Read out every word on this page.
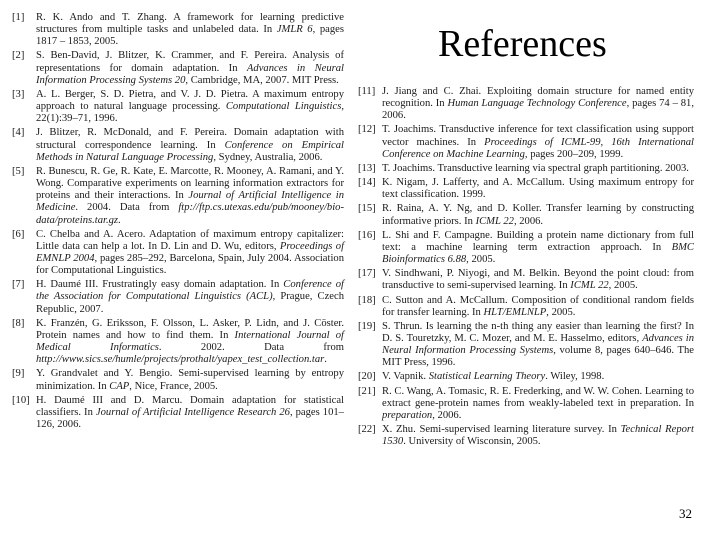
References
[1]	R. K. Ando and T. Zhang. A framework for learning predictive structures from multiple tasks and unlabeled data. In JMLR 6, pages 1817 – 1853, 2005.
[2]	S. Ben-David, J. Blitzer, K. Crammer, and F. Pereira. Analysis of representations for domain adaptation. In Advances in Neural Information Processing Systems 20, Cambridge, MA, 2007. MIT Press.
[3]	A. L. Berger, S. D. Pietra, and V. J. D. Pietra. A maximum entropy approach to natural language processing. Computational Linguistics, 22(1):39–71, 1996.
[4]	J. Blitzer, R. McDonald, and F. Pereira. Domain adaptation with structural correspondence learning. In Conference on Empirical Methods in Natural Language Processing, Sydney, Australia, 2006.
[5]	R. Bunescu, R. Ge, R. Kate, E. Marcotte, R. Mooney, A. Ramani, and Y. Wong. Comparative experiments on learning information extractors for proteins and their interactions. In Journal of Artificial Intelligence in Medicine. 2004. Data from ftp://ftp.cs.utexas.edu/pub/mooney/bio-data/proteins.tar.gz.
[6]	C. Chelba and A. Acero. Adaptation of maximum entropy capitalizer: Little data can help a lot. In D. Lin and D. Wu, editors, Proceedings of EMNLP 2004, pages 285–292, Barcelona, Spain, July 2004. Association for Computational Linguistics.
[7]	H. Daumé III. Frustratingly easy domain adaptation. In Conference of the Association for Computational Linguistics (ACL), Prague, Czech Republic, 2007.
[8]	K. Franzén, G. Eriksson, F. Olsson, L. Asker, P. Lidn, and J. Cöster. Protein names and how to find them. In International Journal of Medical Informatics. 2002. Data from http://www.sics.se/humle/projects/prothalt/yapex_test_collection.tar.
[9]	Y. Grandvalet and Y. Bengio. Semi-supervised learning by entropy minimization. In CAP, Nice, France, 2005.
[10] H. Daumé III and D. Marcu. Domain adaptation for statistical classifiers. In Journal of Artificial Intelligence Research 26, pages 101–126, 2006.
[11] J. Jiang and C. Zhai. Exploiting domain structure for named entity recognition. In Human Language Technology Conference, pages 74 – 81, 2006.
[12] T. Joachims. Transductive inference for text classification using support vector machines. In Proceedings of ICML-99, 16th International Conference on Machine Learning, pages 200–209, 1999.
[13] T. Joachims. Transductive learning via spectral graph partitioning. 2003.
[14] K. Nigam, J. Lafferty, and A. McCallum. Using maximum entropy for text classification. 1999.
[15] R. Raina, A. Y. Ng, and D. Koller. Transfer learning by constructing informative priors. In ICML 22, 2006.
[16] L. Shi and F. Campagne. Building a protein name dictionary from full text: a machine learning term extraction approach. In BMC Bioinformatics 6.88, 2005.
[17] V. Sindhwani, P. Niyogi, and M. Belkin. Beyond the point cloud: from transductive to semi-supervised learning. In ICML 22, 2005.
[18] C. Sutton and A. McCallum. Composition of conditional random fields for transfer learning. In HLT/EMLNLP, 2005.
[19] S. Thrun. Is learning the n-th thing any easier than learning the first? In D. S. Touretzky, M. C. Mozer, and M. E. Hasselmo, editors, Advances in Neural Information Processing Systems, volume 8, pages 640–646. The MIT Press, 1996.
[20] V. Vapnik. Statistical Learning Theory. Wiley, 1998.
[21] R. C. Wang, A. Tomasic, R. E. Frederking, and W. W. Cohen. Learning to extract gene-protein names from weakly-labeled text in preparation. In preparation, 2006.
[22] X. Zhu. Semi-supervised learning literature survey. In Technical Report 1530. University of Wisconsin, 2005.
32
